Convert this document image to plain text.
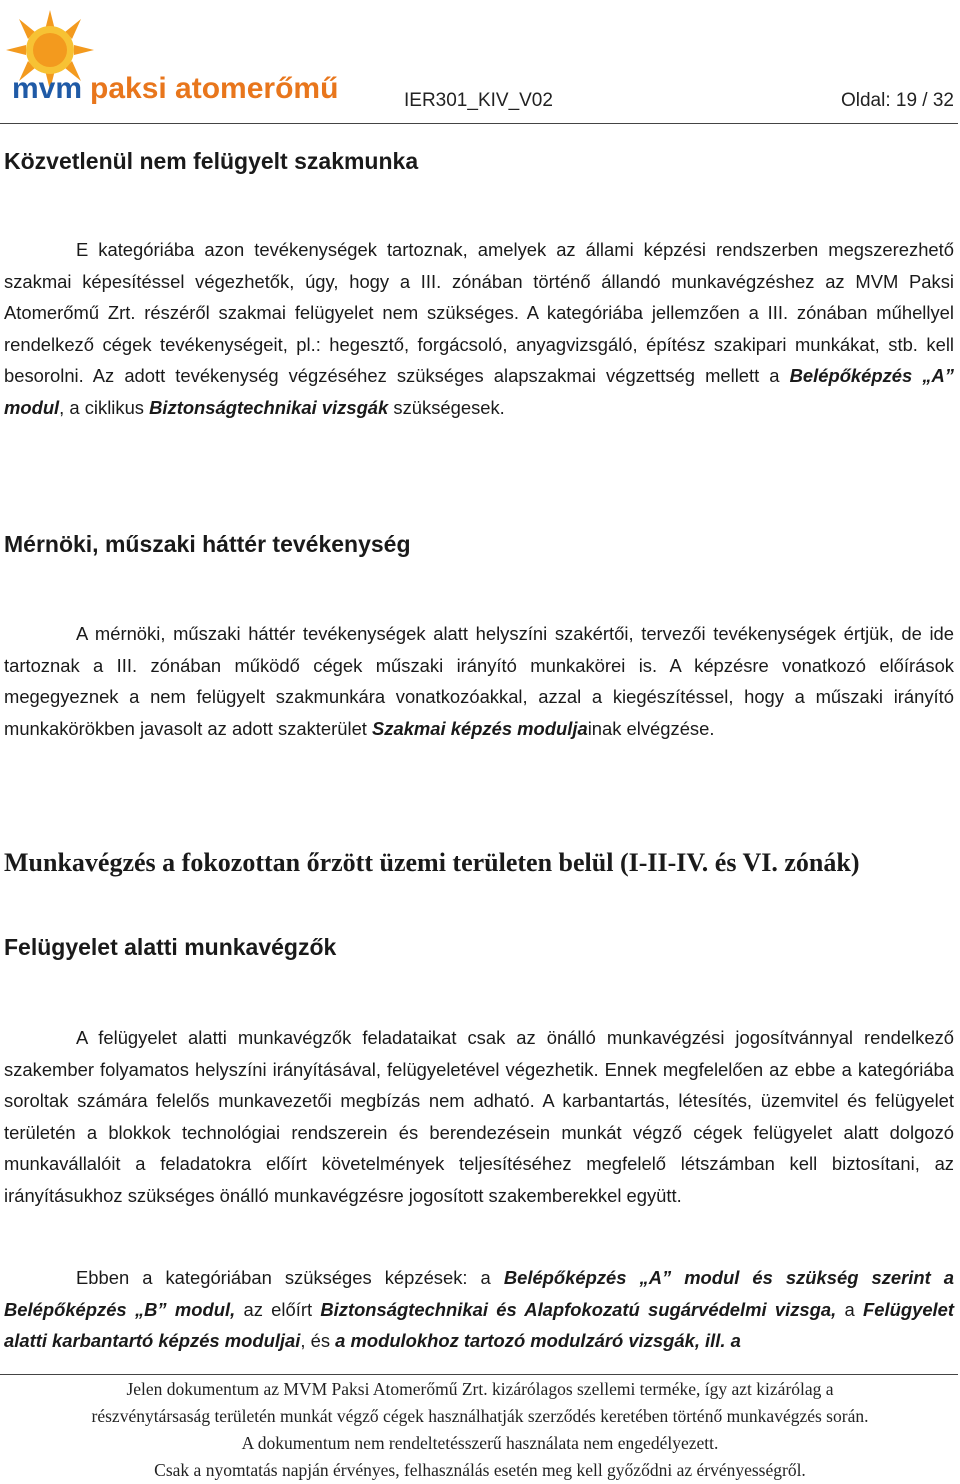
mvm paksi atomerőmű	IER301_KIV_V02	Oldal: 19 / 32
Közvetlenül nem felügyelt szakmunka

E kategóriába azon tevékenységek tartoznak, amelyek az állami képzési rendszerben megszerezhető szakmai képesítéssel végezhetők, úgy, hogy a III. zónában történő állandó munkavégzéshez az MVM Paksi Atomerőmű Zrt. részéről szakmai felügyelet nem szükséges. A kategóriába jellemzően a III. zónában műhellyel rendelkező cégek tevékenységeit, pl.: hegesztő, forgácsoló, anyagvizsgáló, építész szakipari munkákat, stb. kell besorolni. Az adott tevékenység végzéséhez szükséges alapszakmai végzettség mellett a Belépőképzés „A” modul, a ciklikus Biztonságtechnikai vizsgák szükségesek.

Mérnöki, műszaki háttér tevékenység

A mérnöki, műszaki háttér tevékenységek alatt helyszíni szakértői, tervezői tevékenységek értjük, de ide tartoznak a III. zónában működő cégek műszaki irányító munkakörei is. A képzésre vonatkozó előírások megegyeznek a nem felügyelt szakmunkára vonatkozóakkal, azzal a kiegészítéssel, hogy a műszaki irányító munkakörökben javasolt az adott szakterület Szakmai képzés moduljainak elvégzése.

Munkavégzés a fokozottan őrzött üzemi területen belül (I-II-IV. és VI. zónák)
Felügyelet alatti munkavégzők

A felügyelet alatti munkavégzők feladataikat csak az önálló munkavégzési jogosítvánnyal rendelkező szakember folyamatos helyszíni irányításával, felügyeletével végezhetik. Ennek megfelelően az ebbe a kategóriába soroltak számára felelős munkavezetői megbízás nem adható. A karbantartás, létesítés, üzemvitel és felügyelet területén a blokkok technológiai rendszerein és berendezésein munkát végző cégek felügyelet alatt dolgozó munkavállalóit a feladatokra előírt követelmények teljesítéséhez megfelelő létszámban kell biztosítani, az irányításukhoz szükséges önálló munkavégzésre jogosított szakemberekkel együtt.

Ebben a kategóriában szükséges képzések: a Belépőképzés „A” modul és szükség szerint a Belépőképzés „B” modul, az előírt Biztonságtechnikai és Alapfokozatú sugárvédelmi vizsga, a Felügyelet alatti karbantartó képzés moduljai, és a modulokhoz tartozó modulzáró vizsgák, ill. a

Jelen dokumentum az MVM Paksi Atomerőmű Zrt. kizárólagos szellemi terméke, így azt kizárólag a
részvénytársaság területén munkát végző cégek használhatják szerződés keretében történő munkavégzés során.
A dokumentum nem rendeltetésszerű használata nem engedélyezett.
Csak a nyomtatás napján érvényes, felhasználás esetén meg kell győződni az érvényességről.
